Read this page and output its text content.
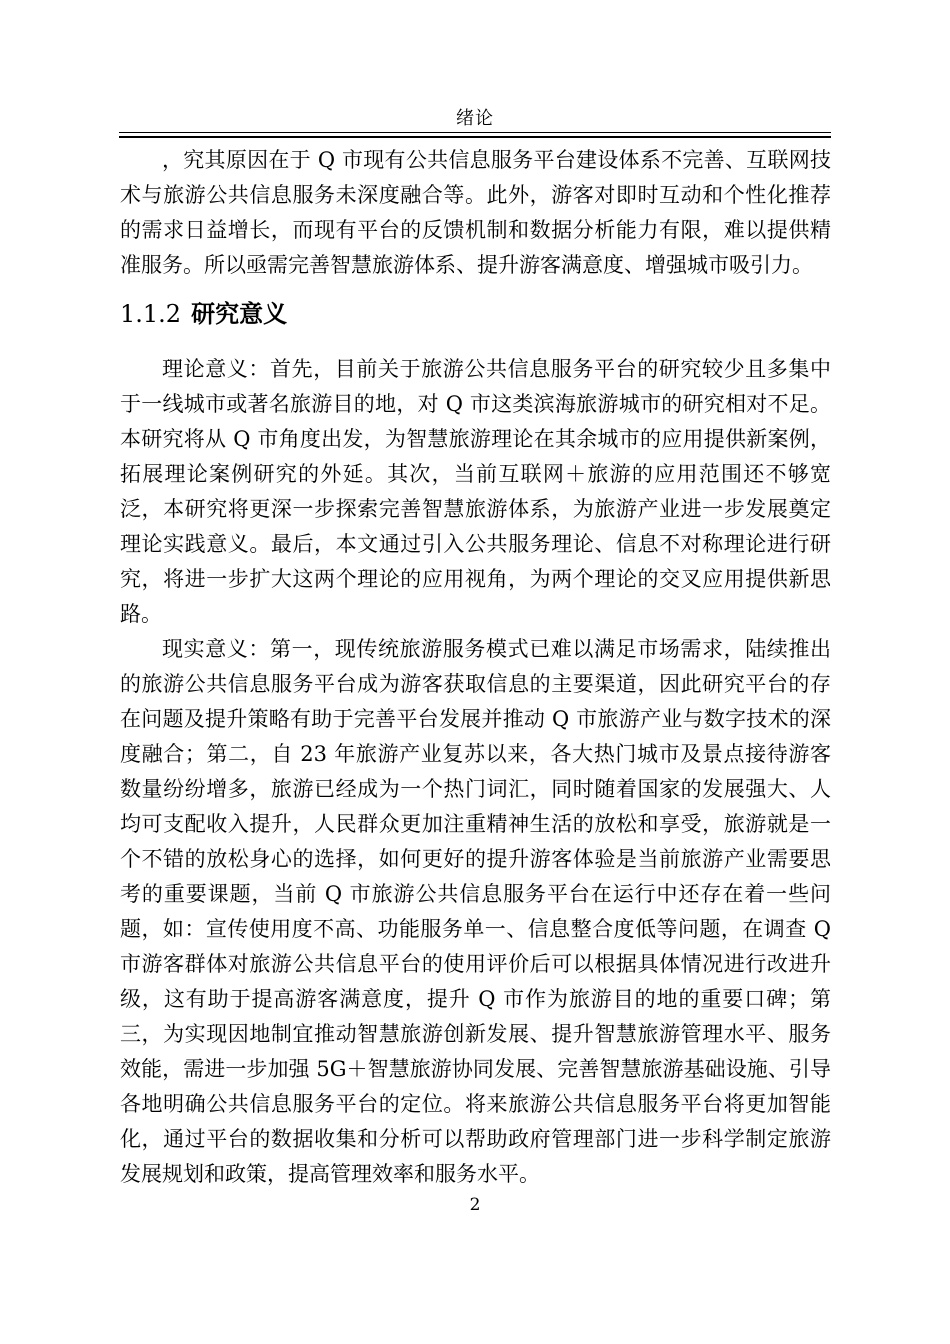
绪论

，究其原因在于 Q 市现有公共信息服务平台建设体系不完善、互联网技术与旅游公共信息服务未深度融合等。此外，游客对即时互动和个性化推荐的需求日益增长，而现有平台的反馈机制和数据分析能力有限，难以提供精准服务。所以亟需完善智慧旅游体系、提升游客满意度、增强城市吸引力。

1.1.2 研究意义

理论意义：首先，目前关于旅游公共信息服务平台的研究较少且多集中于一线城市或著名旅游目的地，对 Q 市这类滨海旅游城市的研究相对不足。本研究将从 Q 市角度出发，为智慧旅游理论在其余城市的应用提供新案例，拓展理论案例研究的外延。其次，当前互联网＋旅游的应用范围还不够宽泛，本研究将更深一步探索完善智慧旅游体系，为旅游产业进一步发展奠定理论实践意义。最后，本文通过引入公共服务理论、信息不对称理论进行研究，将进一步扩大这两个理论的应用视角，为两个理论的交叉应用提供新思路。

现实意义：第一，现传统旅游服务模式已难以满足市场需求，陆续推出的旅游公共信息服务平台成为游客获取信息的主要渠道，因此研究平台的存在问题及提升策略有助于完善平台发展并推动 Q 市旅游产业与数字技术的深度融合；第二，自 23 年旅游产业复苏以来，各大热门城市及景点接待游客数量纷纷增多，旅游已经成为一个热门词汇，同时随着国家的发展强大、人均可支配收入提升，人民群众更加注重精神生活的放松和享受，旅游就是一个不错的放松身心的选择，如何更好的提升游客体验是当前旅游产业需要思考的重要课题，当前 Q 市旅游公共信息服务平台在运行中还存在着一些问题，如：宣传使用度不高、功能服务单一、信息整合度低等问题，在调查 Q 市游客群体对旅游公共信息平台的使用评价后可以根据具体情况进行改进升级，这有助于提高游客满意度，提升 Q 市作为旅游目的地的重要口碑；第三，为实现因地制宜推动智慧旅游创新发展、提升智慧旅游管理水平、服务效能，需进一步加强 5G＋智慧旅游协同发展、完善智慧旅游基础设施、引导各地明确公共信息服务平台的定位。将来旅游公共信息服务平台将更加智能化，通过平台的数据收集和分析可以帮助政府管理部门进一步科学制定旅游发展规划和政策，提高管理效率和服务水平。

2
